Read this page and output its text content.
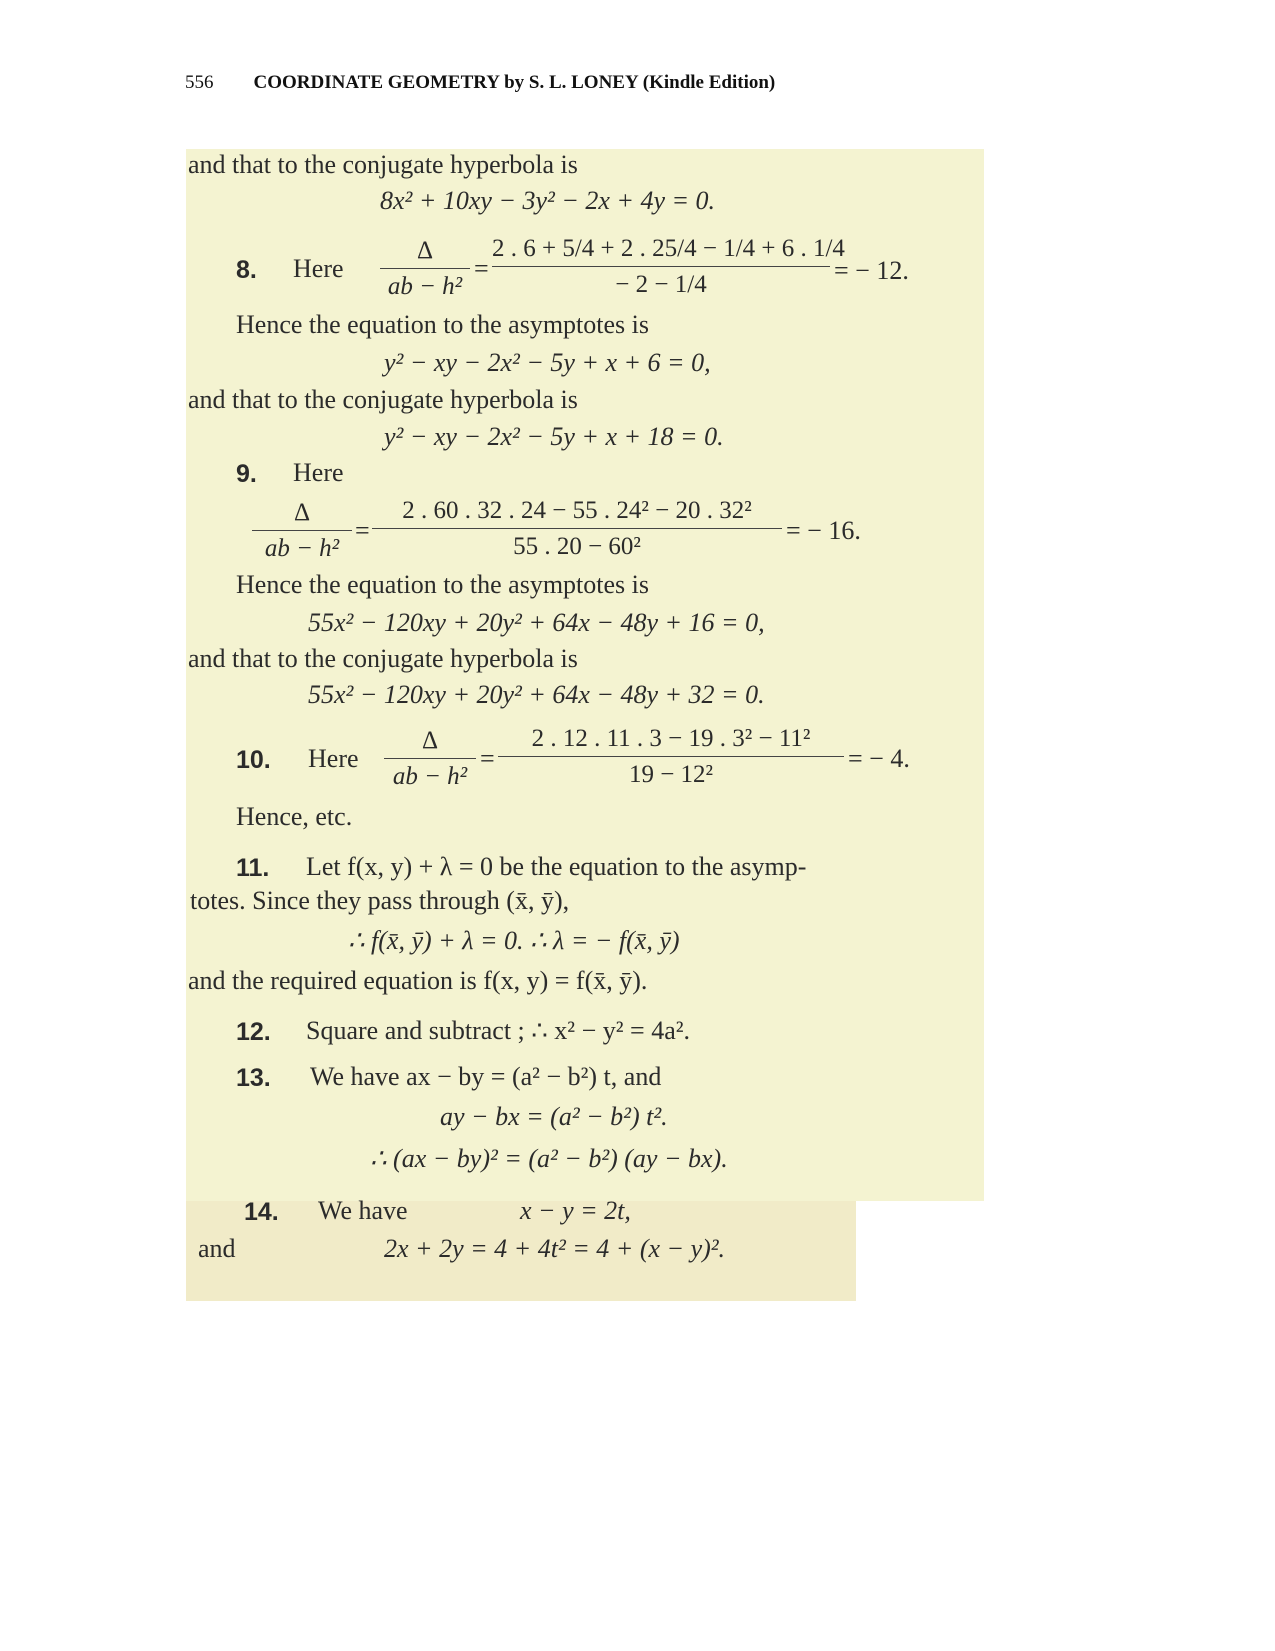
556 COORDINATE GEOMETRY by S. L. LONEY (Kindle Edition)
and that to the conjugate hyperbola is
8x² + 10xy − 3y² − 2x + 4y = 0.
8. Here
Δ
ab − h²
=
2 . 6 + 5/4 + 2 . 25/4 − 1/4 + 6 . 1/4
− 2 − 1/4	= − 12.
Hence the equation to the asymptotes is
y² − xy − 2x² − 5y + x + 6 = 0,
and that to the conjugate hyperbola is
y² − xy − 2x² − 5y + x + 18 = 0.
9. Here
Δ
ab − h²
=
2 . 60 . 32 . 24 − 55 . 24² − 20 . 32²
55 . 20 − 60²
= − 16.
Hence the equation to the asymptotes is
55x² − 120xy + 20y² + 64x − 48y + 16 = 0,
and that to the conjugate hyperbola is
55x² − 120xy + 20y² + 64x − 48y + 32 = 0.
10. Here
Δ
ab − h²
=
2 . 12 . 11 . 3 − 19 . 3² − 11²
19 − 12²
= − 4.
Hence, etc.
11. Let f(x, y) + λ = 0 be the equation to the asymp-
totes. Since they pass through (x̄, ȳ),
∴ f(x̄, ȳ) + λ = 0. ∴ λ = − f(x̄, ȳ)
and the required equation is f(x, y) = f(x̄, ȳ).
12. Square and subtract ; ∴ x² − y² = 4a².
13. We have ax − by = (a² − b²) t, and
ay − bx = (a² − b²) t².
∴ (ax − by)² = (a² − b²) (ay − bx).
14. We have	x − y = 2t,
and	2x + 2y = 4 + 4t² = 4 + (x − y)².
